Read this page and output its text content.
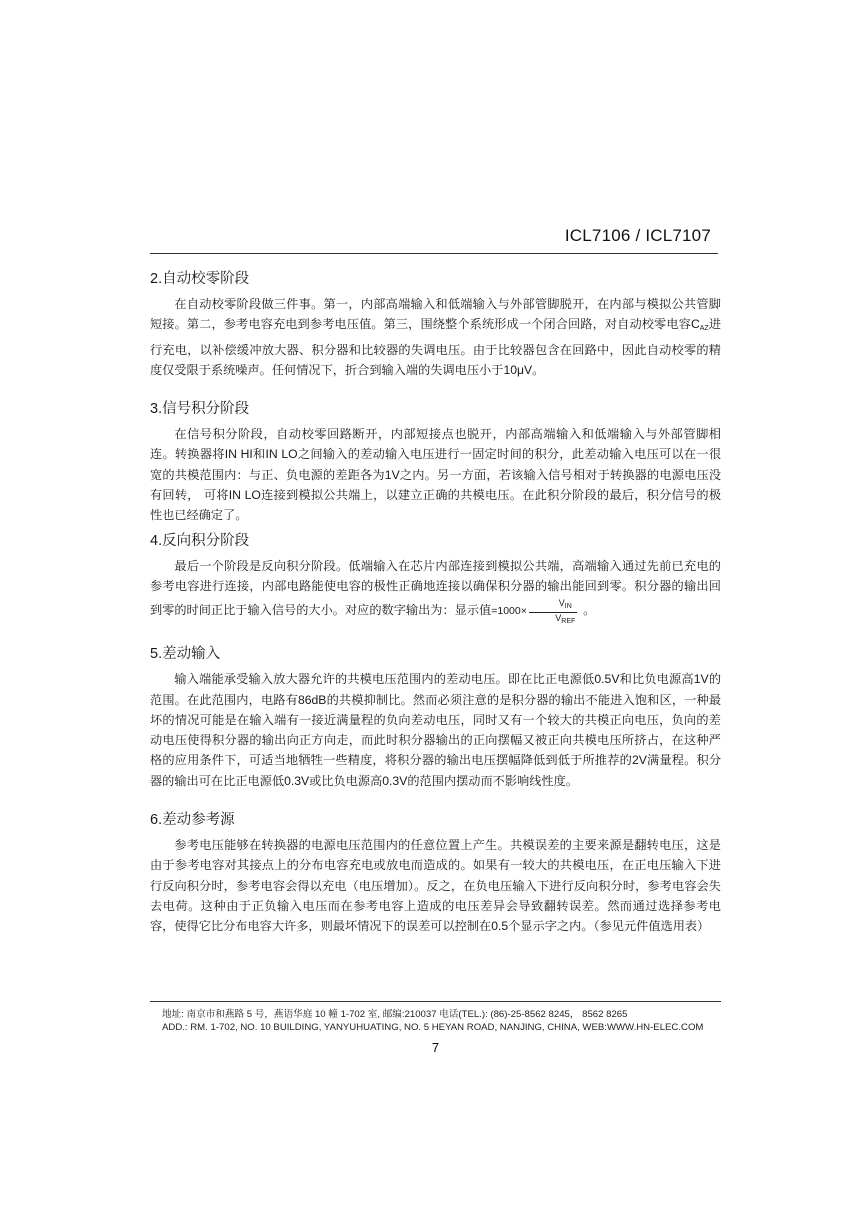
ICL7106 / ICL7107
2.自动校零阶段

在自动校零阶段做三件事。第一，内部高端输入和低端输入与外部管脚脱开，在内部与模拟公共管脚短接。第二，参考电容充电到参考电压值。第三，围绕整个系统形成一个闭合回路，对自动校零电容$C_{AZ}$进行充电，以补偿缓冲放大器、积分器和比较器的失调电压。由于比较器包含在回路中，因此自动校零的精度仅受限于系统噪声。任何情况下，折合到输入端的失调电压小于10μV。

3.信号积分阶段

在信号积分阶段，自动校零回路断开，内部短接点也脱开，内部高端输入和低端输入与外部管脚相连。转换器将IN HI和IN LO之间输入的差动输入电压进行一固定时间的积分，此差动输入电压可以在一很宽的共模范围内：与正、负电源的差距各为1V之内。另一方面，若该输入信号相对于转换器的电源电压没有回转， 可将IN LO连接到模拟公共端上，以建立正确的共模电压。在此积分阶段的最后，积分信号的极性也已经确定了。

4.反向积分阶段

最后一个阶段是反向积分阶段。低端输入在芯片内部连接到模拟公共端，高端输入通过先前已充电的参考电容进行连接，内部电路能使电容的极性正确地连接以确保积分器的输出能回到零。积分器的输出回到零的时间正比于输入信号的大小。对应的数字输出为：显示值$=1000\times \frac{V_{IN}}{V_{REF}}$ 。

5.差动输入

输入端能承受输入放大器允许的共模电压范围内的差动电压。即在比正电源低0.5V和比负电源高1V的范围。在此范围内，电路有86dB的共模抑制比。然而必须注意的是积分器的输出不能进入饱和区，一种最坏的情况可能是在输入端有一接近满量程的负向差动电压，同时又有一个较大的共模正向电压，负向的差动电压使得积分器的输出向正方向走，而此时积分器输出的正向摆幅又被正向共模电压所挤占，在这种严格的应用条件下，可适当地牺牲一些精度，将积分器的输出电压摆幅降低到低于所推荐的2V满量程。积分器的输出可在比正电源低0.3V或比负电源高0.3V的范围内摆动而不影响线性度。

6.差动参考源

参考电压能够在转换器的电源电压范围内的任意位置上产生。共模误差的主要来源是翻转电压，这是由于参考电容对其接点上的分布电容充电或放电而造成的。如果有一较大的共模电压，在正电压输入下进行反向积分时，参考电容会得以充电（电压增加）。反之，在负电压输入下进行反向积分时，参考电容会失去电荷。这种由于正负输入电压而在参考电容上造成的电压差异会导致翻转误差。然而通过选择参考电容，使得它比分布电容大许多，则最坏情况下的误差可以控制在0.5个显示字之内。（参见元件值选用表）

地址: 南京市和燕路 5 号，燕语华庭 10 幢 1-702 室, 邮编:210037 电话(TEL.): (86)-25-8562 8245， 8562 8265
ADD.: RM. 1-702, NO. 10 BUILDING, YANYUHUATING, NO. 5 HEYAN ROAD, NANJING, CHINA, WEB:WWW.HN-ELEC.COM
7
